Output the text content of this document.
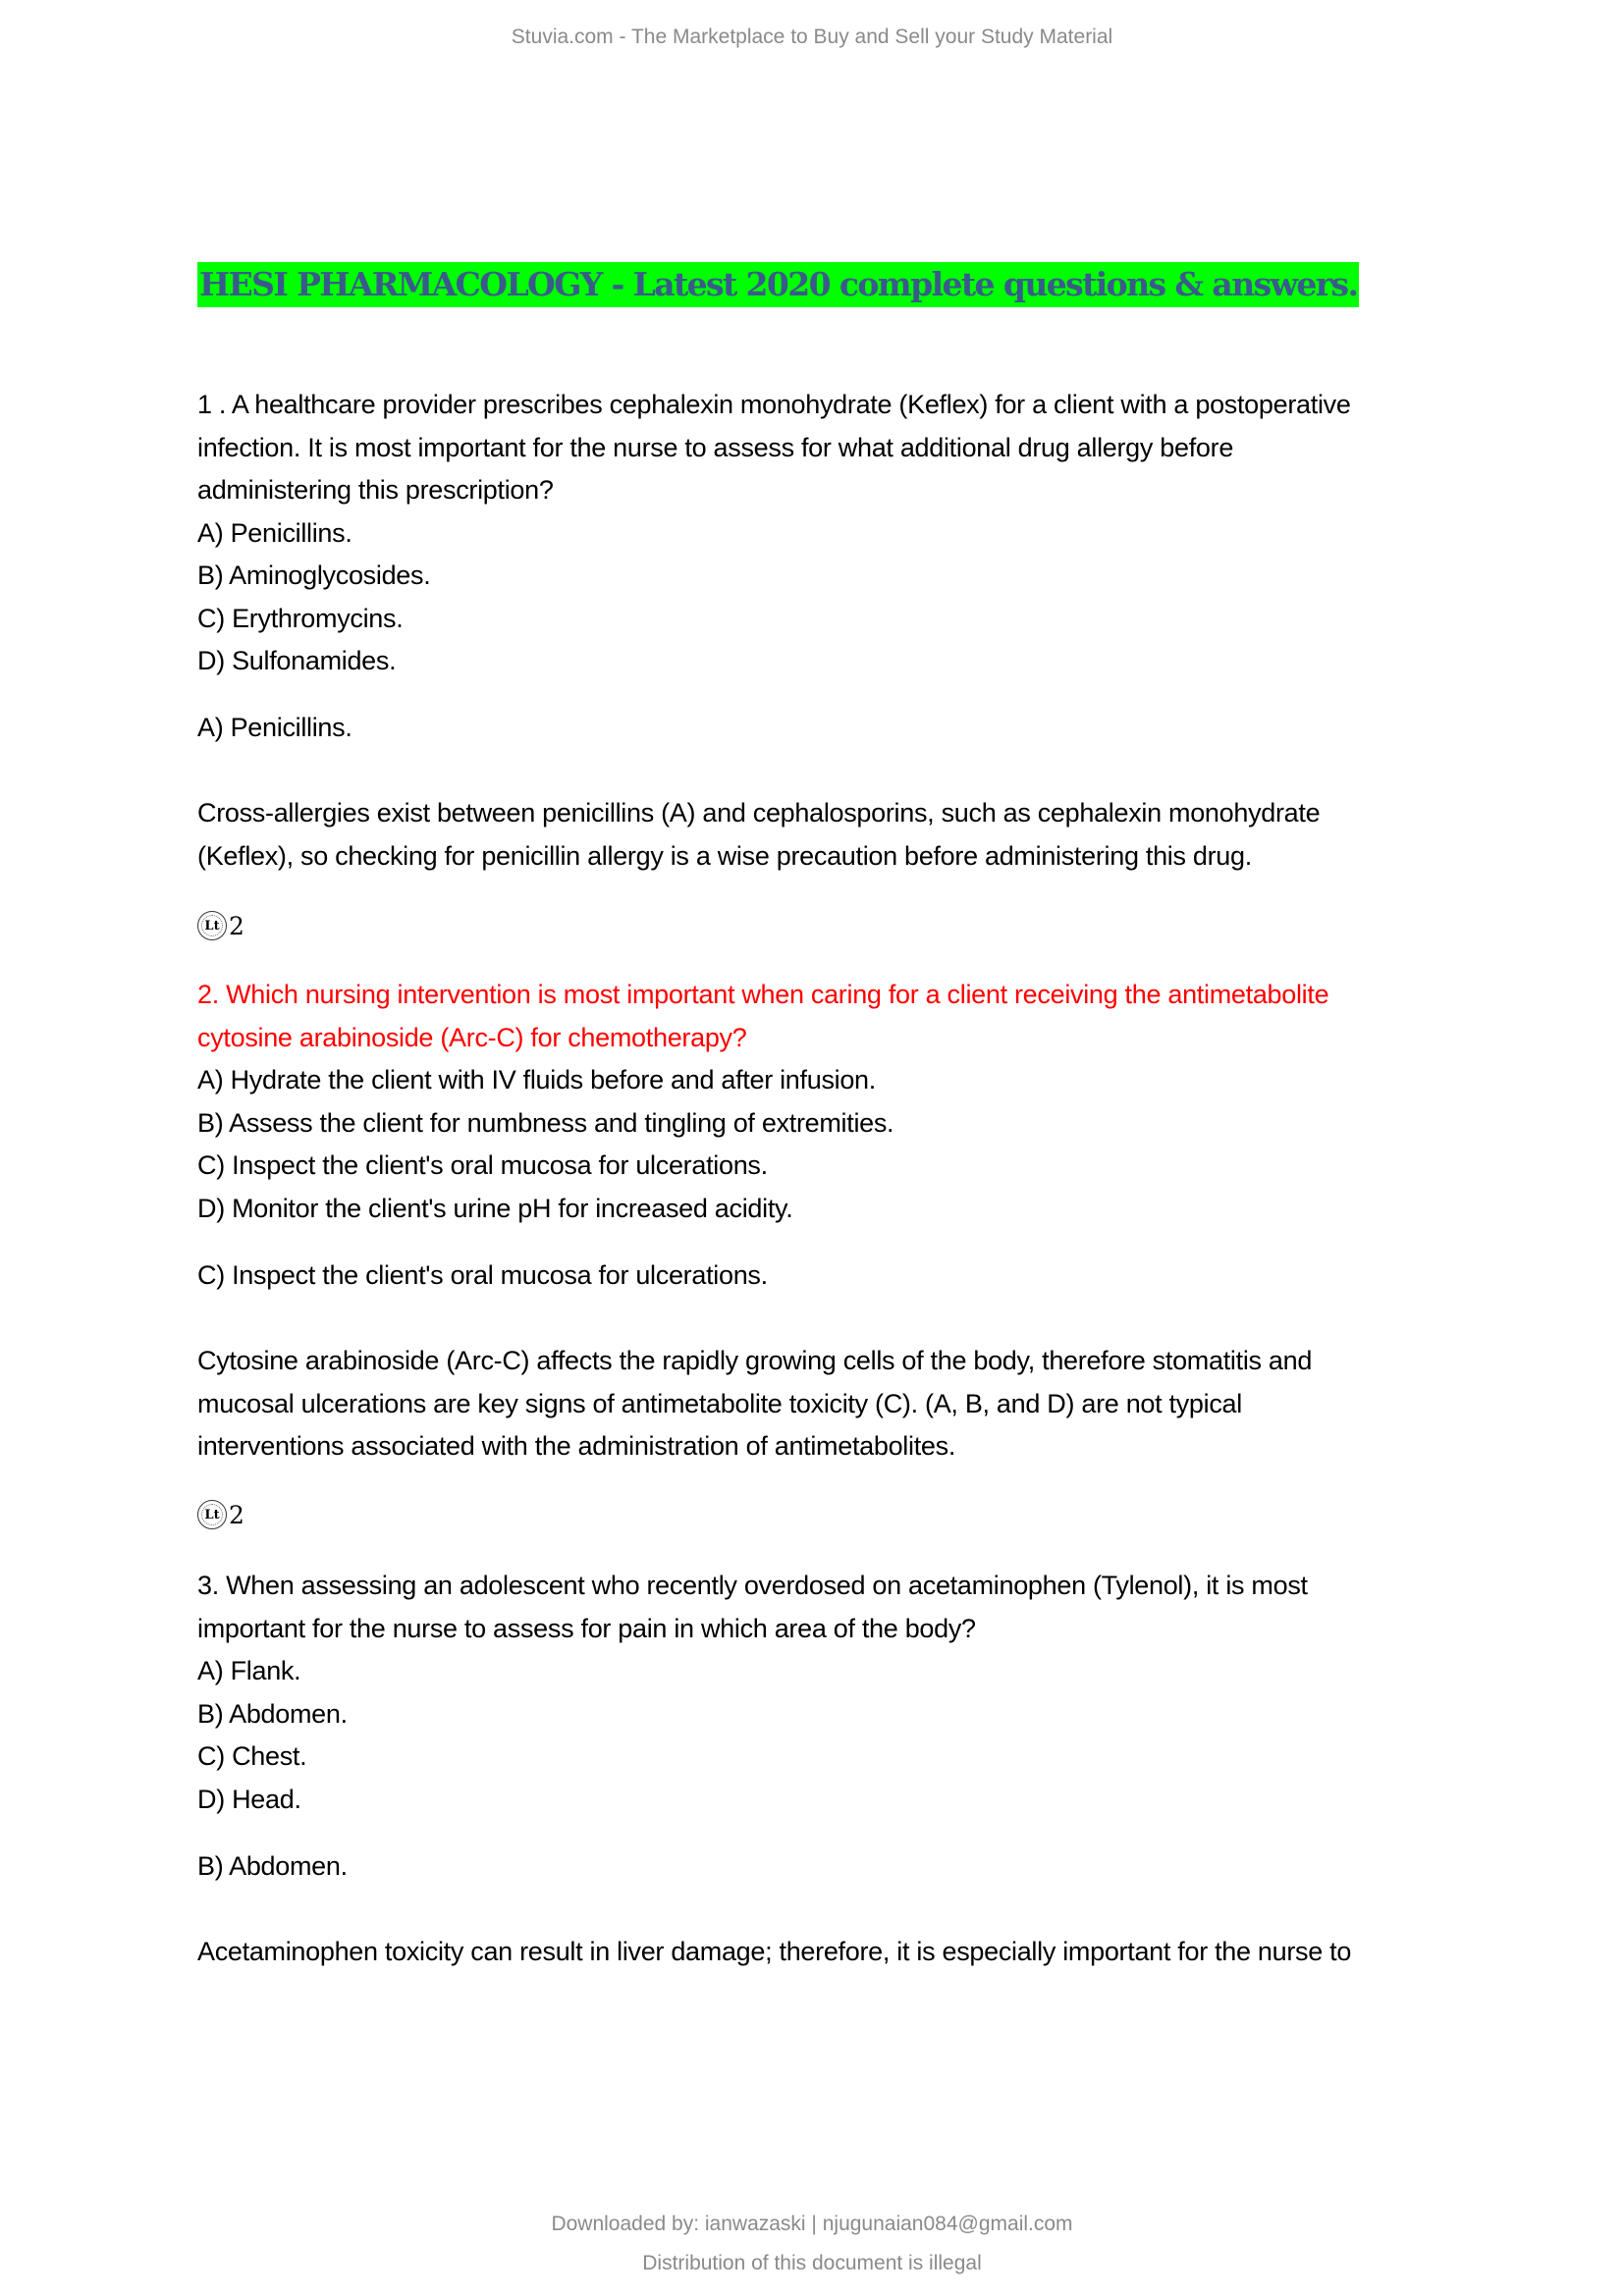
Stuvia.com - The Marketplace to Buy and Sell your Study Material
HESI PHARMACOLOGY - Latest 2020 complete questions & answers.
1 . A healthcare provider prescribes cephalexin monohydrate (Keflex) for a client with a postoperative
infection. It is most important for the nurse to assess for what additional drug allergy before
administering this prescription?
A) Penicillins.
B) Aminoglycosides.
C) Erythromycins.
D) Sulfonamides.
A) Penicillins.
Cross-allergies exist between penicillins (A) and cephalosporins, such as cephalexin monohydrate
(Keflex), so checking for penicillin allergy is a wise precaution before administering this drug.
Lt 2
2. Which nursing intervention is most important when caring for a client receiving the antimetabolite
cytosine arabinoside (Arc-C) for chemotherapy?
A) Hydrate the client with IV fluids before and after infusion.
B) Assess the client for numbness and tingling of extremities.
C) Inspect the client's oral mucosa for ulcerations.
D) Monitor the client's urine pH for increased acidity.
C) Inspect the client's oral mucosa for ulcerations.
Cytosine arabinoside (Arc-C) affects the rapidly growing cells of the body, therefore stomatitis and
mucosal ulcerations are key signs of antimetabolite toxicity (C). (A, B, and D) are not typical
interventions associated with the administration of antimetabolites.
Lt 2
3. When assessing an adolescent who recently overdosed on acetaminophen (Tylenol), it is most
important for the nurse to assess for pain in which area of the body?
A) Flank.
B) Abdomen.
C) Chest.
D) Head.
B) Abdomen.
Acetaminophen toxicity can result in liver damage; therefore, it is especially important for the nurse to
Downloaded by: ianwazaski | njugunaian084@gmail.com
Distribution of this document is illegal
